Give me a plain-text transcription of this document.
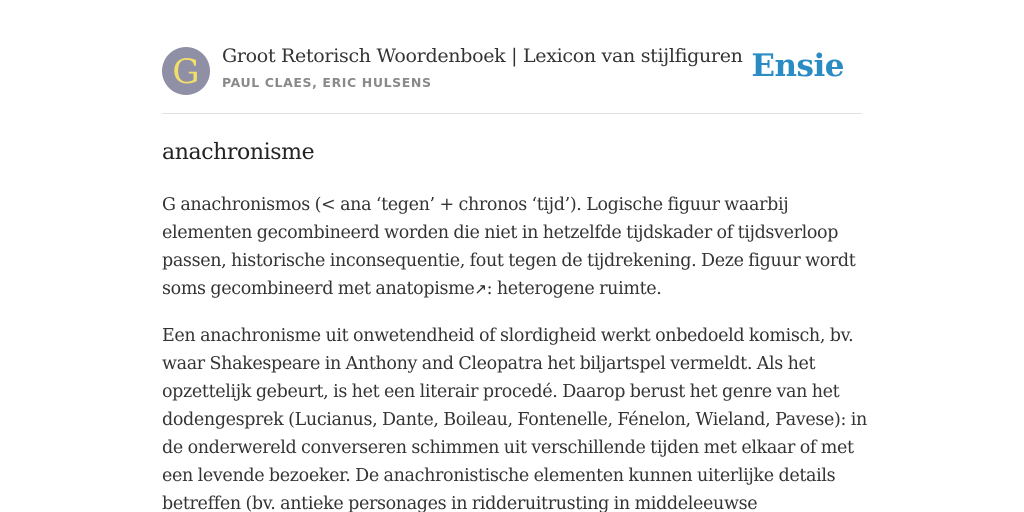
G	Groot Retorisch Woordenboek | Lexicon van stijlfiguren
PAUL CLAES, ERIC HULSENS	Ensie
anachronisme

G anachronismos (< ana ‘tegen’ + chronos ‘tijd’). Logische figuur waarbij elementen gecombineerd worden die niet in hetzelfde tijdskader of tijdsverloop passen, historische inconsequentie, fout tegen de tijdrekening. Deze figuur wordt soms gecombineerd met anatopisme↗: heterogene ruimte.

Een anachronisme uit onwetendheid of slordigheid werkt onbedoeld komisch, bv. waar Shakespeare in Anthony and Cleopatra het biljartspel vermeldt. Als het opzettelijk gebeurt, is het een literair procedé. Daarop berust het genre van het dodengesprek (Lucianus, Dante, Boileau, Fontenelle, Fénelon, Wieland, Pavese): in de onderwereld converseren schimmen uit verschillende tijden met elkaar of met een levende bezoeker. De anachronistische elementen kunnen uiterlijke details betreffen (bv. antieke personages in ridderuitrusting in middeleeuwse
